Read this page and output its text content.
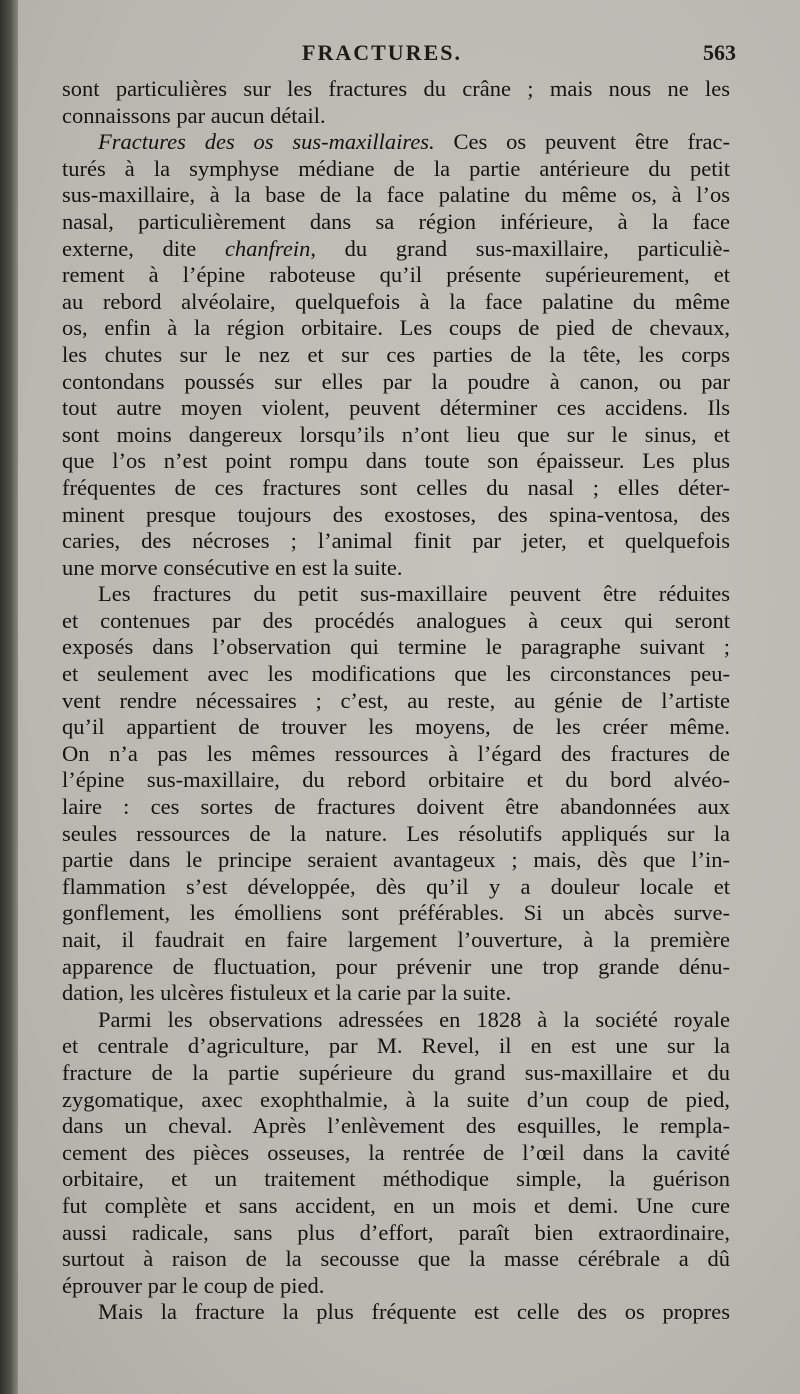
FRACTURES.	563
sont particulières sur les fractures du crâne ; mais nous ne les
connaissons par aucun détail.
Fractures des os sus-maxillaires. Ces os peuvent être frac-
turés à la symphyse médiane de la partie antérieure du petit
sus-maxillaire, à la base de la face palatine du même os, à l’os
nasal, particulièrement dans sa région inférieure, à la face
externe, dite chanfrein, du grand sus-maxillaire, particuliè-
rement à l’épine raboteuse qu’il présente supérieurement, et
au rebord alvéolaire, quelquefois à la face palatine du même
os, enfin à la région orbitaire. Les coups de pied de chevaux,
les chutes sur le nez et sur ces parties de la tête, les corps
contondans poussés sur elles par la poudre à canon, ou par
tout autre moyen violent, peuvent déterminer ces accidens. Ils
sont moins dangereux lorsqu’ils n’ont lieu que sur le sinus, et
que l’os n’est point rompu dans toute son épaisseur. Les plus
fréquentes de ces fractures sont celles du nasal ; elles déter-
minent presque toujours des exostoses, des spina-ventosa, des
caries, des nécroses ; l’animal finit par jeter, et quelquefois
une morve consécutive en est la suite.
Les fractures du petit sus-maxillaire peuvent être réduites
et contenues par des procédés analogues à ceux qui seront
exposés dans l’observation qui termine le paragraphe suivant ;
et seulement avec les modifications que les circonstances peu-
vent rendre nécessaires ; c’est, au reste, au génie de l’artiste
qu’il appartient de trouver les moyens, de les créer même.
On n’a pas les mêmes ressources à l’égard des fractures de
l’épine sus-maxillaire, du rebord orbitaire et du bord alvéo-
laire : ces sortes de fractures doivent être abandonnées aux
seules ressources de la nature. Les résolutifs appliqués sur la
partie dans le principe seraient avantageux ; mais, dès que l’in-
flammation s’est développée, dès qu’il y a douleur locale et
gonflement, les émolliens sont préférables. Si un abcès surve-
nait, il faudrait en faire largement l’ouverture, à la première
apparence de fluctuation, pour prévenir une trop grande dénu-
dation, les ulcères fistuleux et la carie par la suite.
Parmi les observations adressées en 1828 à la société royale
et centrale d’agriculture, par M. Revel, il en est une sur la
fracture de la partie supérieure du grand sus-maxillaire et du
zygomatique, axec exophthalmie, à la suite d’un coup de pied,
dans un cheval. Après l’enlèvement des esquilles, le rempla-
cement des pièces osseuses, la rentrée de l’œil dans la cavité
orbitaire, et un traitement méthodique simple, la guérison
fut complète et sans accident, en un mois et demi. Une cure
aussi radicale, sans plus d’effort, paraît bien extraordinaire,
surtout à raison de la secousse que la masse cérébrale a dû
éprouver par le coup de pied.
Mais la fracture la plus fréquente est celle des os propres
